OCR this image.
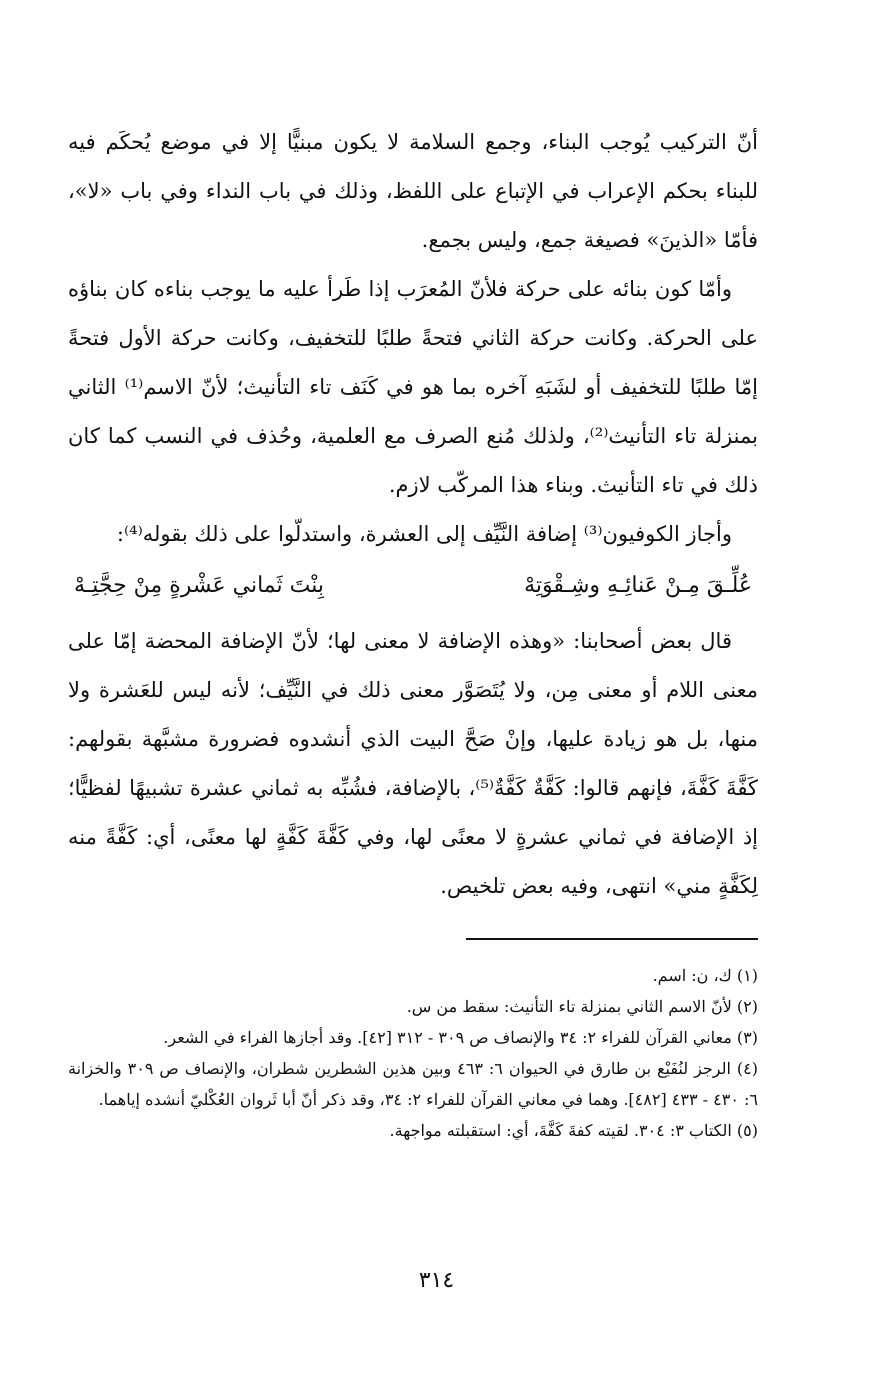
أنّ التركيب يُوجب البناء، وجمع السلامة لا يكون مبنيًّا إلا في موضع يُحكَم فيه للبناء بحكم الإعراب في الإتباع على اللفظ، وذلك في باب النداء وفي باب «لا»، فأمّا «الذينَ» فصيغة جمع، وليس بجمع.

وأمّا كون بنائه على حركة فلأنّ المُعرَب إذا طَرأ عليه ما يوجب بناءه كان بناؤه على الحركة. وكانت حركة الثاني فتحةً طلبًا للتخفيف، وكانت حركة الأول فتحةً إمّا طلبًا للتخفيف أو لشَبَهِ آخره بما هو في كَنَف تاء التأنيث؛ لأنّ الاسم⁽¹⁾ الثاني بمنزلة تاء التأنيث⁽²⁾، ولذلك مُنع الصرف مع العلمية، وحُذف في النسب كما كان ذلك في تاء التأنيث. وبناء هذا المركّب لازم.

وأجاز الكوفيون⁽³⁾ إضافة النَّيِّف إلى العشرة، واستدلّوا على ذلك بقوله⁽⁴⁾:

عُلِّـقَ مِـنْ عَنائِـهِ وشِـقْوَتِهْ
بِنْتَ ثَماني عَشْرةٍ مِنْ حِجَّتِـهْ

قال بعض أصحابنا: «وهذه الإضافة لا معنى لها؛ لأنّ الإضافة المحضة إمّا على معنى اللام أو معنى مِن، ولا يُتَصَوَّر معنى ذلك في النَّيِّف؛ لأنه ليس للعَشرة ولا منها، بل هو زيادة عليها، وإنْ صَحَّ البيت الذي أنشدوه فضرورة مشبَّهة بقولهم: كَفَّةَ كَفَّةَ، فإنهم قالوا: كَفَّةٌ كَفَّةٌ⁽⁵⁾، بالإضافة، فشُبِّه به ثماني عشرة تشبيهًا لفظيًّا؛ إذ الإضافة في ثماني عشرةٍ لا معنًى لها، وفي كَفَّةَ كَفَّةٍ لها معنًى، أي: كَفَّةً منه لِكَفَّةٍ مني» انتهى، وفيه بعض تلخيص.

(١) ك، ن: اسم.

(٢) لأنّ الاسم الثاني بمنزلة تاء التأنيث: سقط من س.

(٣) معاني القرآن للفراء ٢: ٣٤ والإنصاف ص ٣٠٩ - ٣١٢ [٤٢]. وقد أجازها الفراء في الشعر.

(٤) الرجز لنُفَيْع بن طارق في الحيوان ٦: ٤٦٣ وبين هذين الشطرين شطران، والإنصاف ص ٣٠٩ والخزانة ٦: ٤٣٠ - ٤٣٣ [٤٨٢]. وهما في معاني القرآن للفراء ٢: ٣٤، وقد ذكر أنّ أبا ثَروان العُكْليّ أنشده إياهما.

(٥) الكتاب ٣: ٣٠٤. لقيته كفةَ كَفَّةَ، أي: استقبلته مواجهة.

٣١٤
